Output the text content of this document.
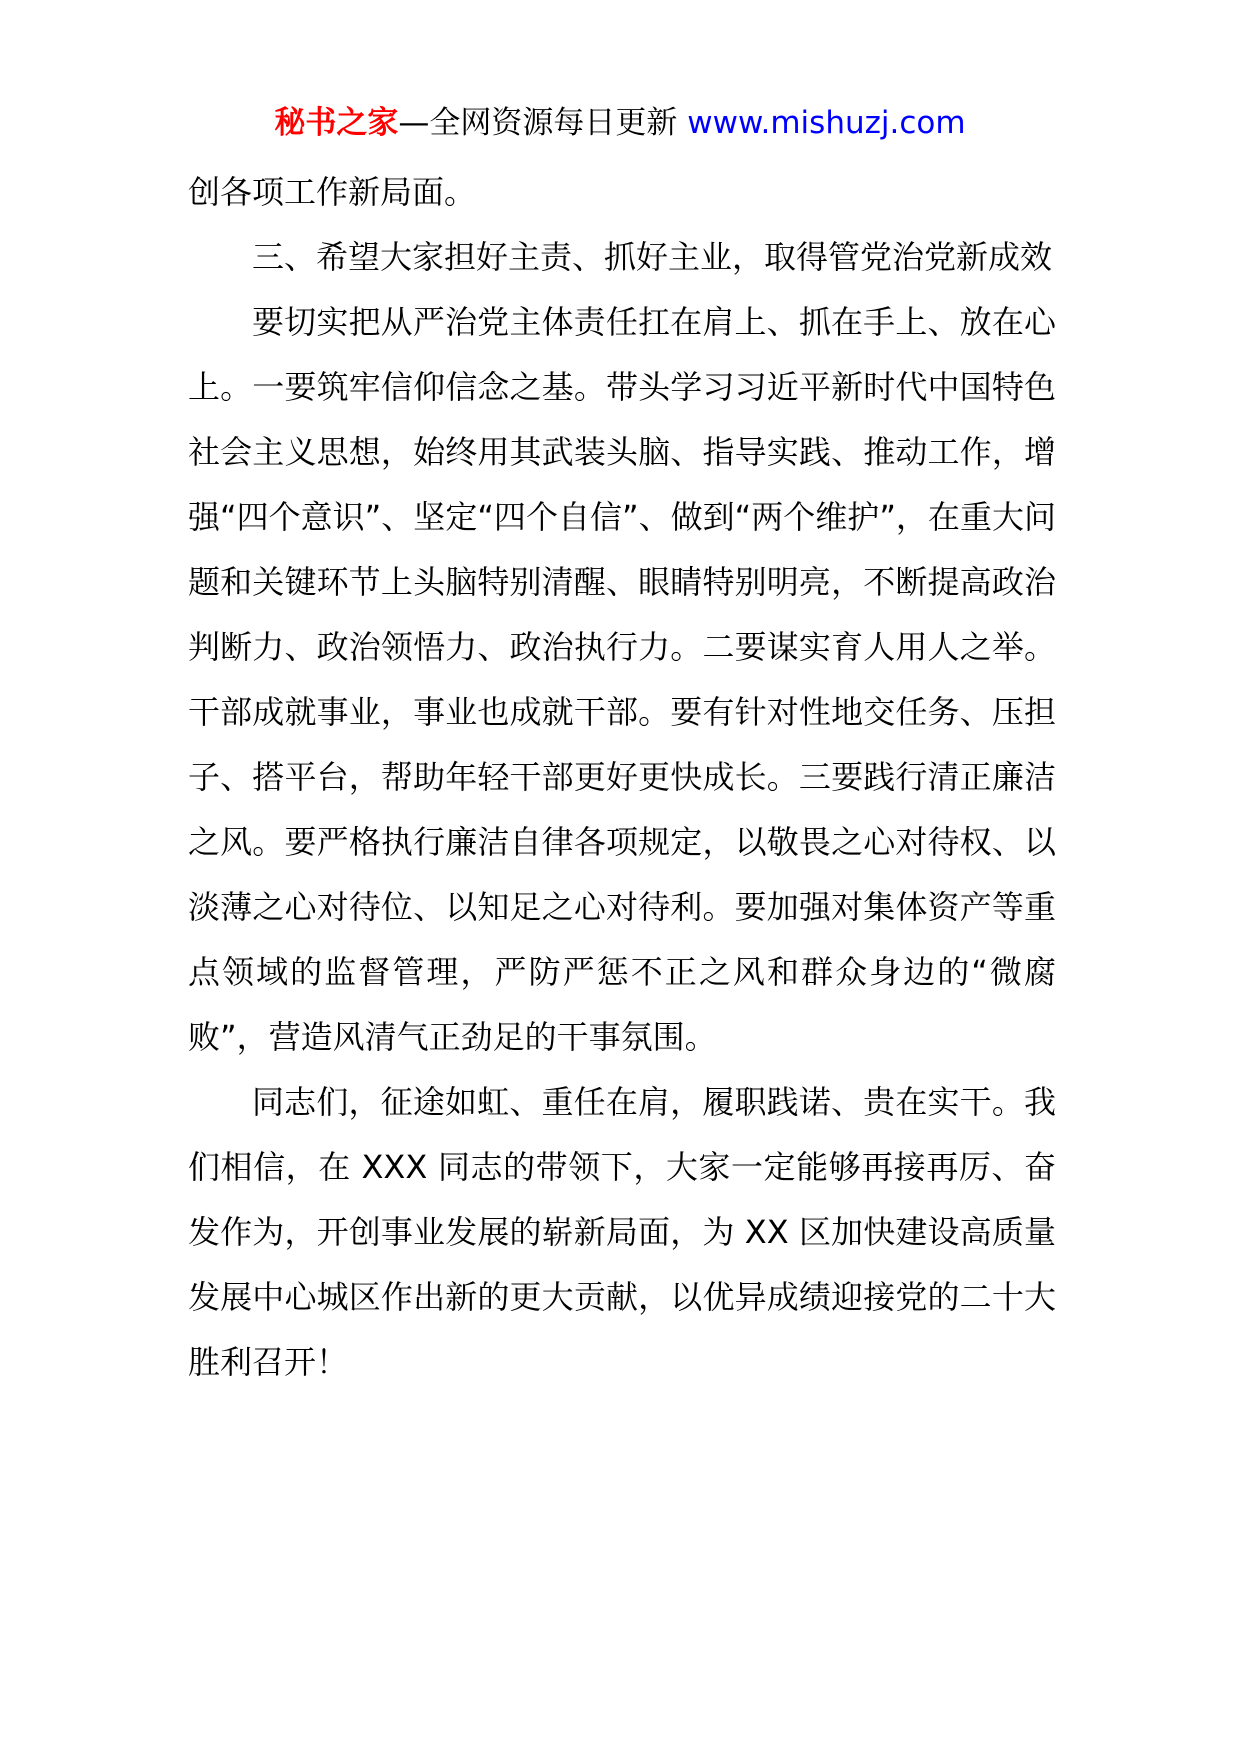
秘书之家—全网资源每日更新 www.mishuzj.com

创各项工作新局面。

三、希望大家担好主责、抓好主业，取得管党治党新成效

要切实把从严治党主体责任扛在肩上、抓在手上、放在心上。一要筑牢信仰信念之基。带头学习习近平新时代中国特色社会主义思想，始终用其武装头脑、指导实践、推动工作，增强“四个意识”、坚定“四个自信”、做到“两个维护”，在重大问题和关键环节上头脑特别清醒、眼睛特别明亮，不断提高政治判断力、政治领悟力、政治执行力。二要谋实育人用人之举。干部成就事业，事业也成就干部。要有针对性地交任务、压担子、搭平台，帮助年轻干部更好更快成长。三要践行清正廉洁之风。要严格执行廉洁自律各项规定，以敬畏之心对待权、以淡薄之心对待位、以知足之心对待利。要加强对集体资产等重点领域的监督管理，严防严惩不正之风和群众身边的“微腐败”，营造风清气正劲足的干事氛围。

同志们，征途如虹、重任在肩，履职践诺、贵在实干。我们相信，在 XXX 同志的带领下，大家一定能够再接再厉、奋发作为，开创事业发展的崭新局面，为 XX 区加快建设高质量发展中心城区作出新的更大贡献，以优异成绩迎接党的二十大胜利召开！
